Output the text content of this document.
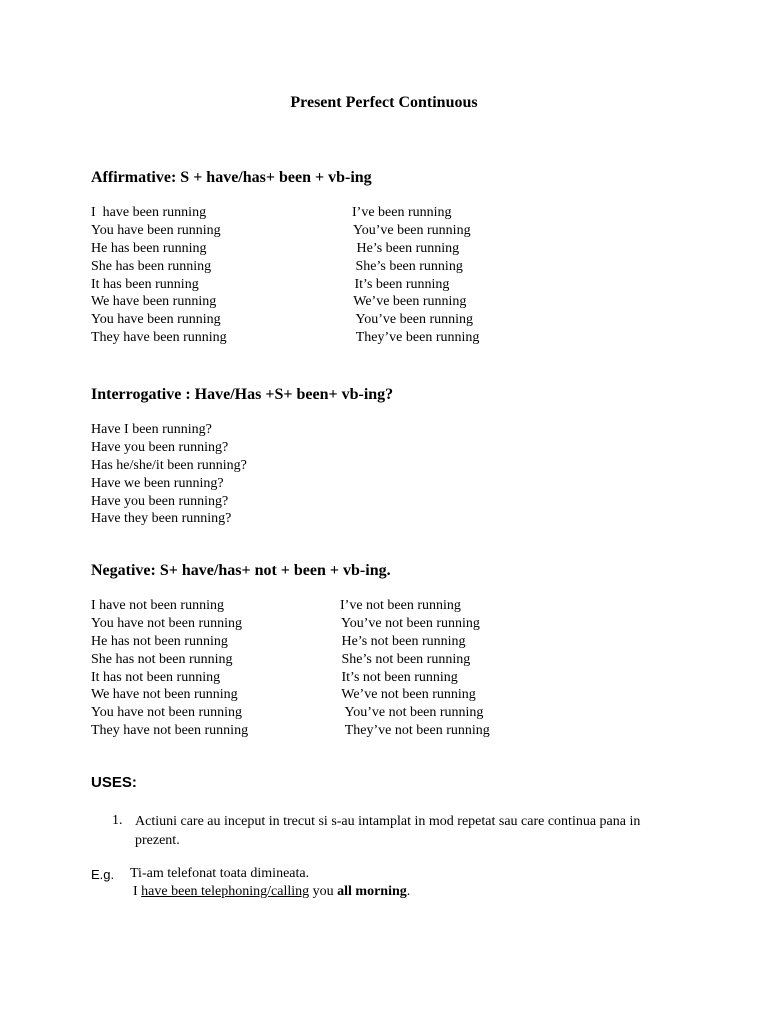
Present Perfect Continuous
Affirmative: S + have/has+ been + vb-ing
I  have been running	I’ve been running
You have been running	You’ve been running
He has been running	He’s been running
She has been running	She’s been running
It has been running	It’s been running
We have been running	We’ve been running
You have been running	You’ve been running
They have been running	They’ve been running
Interrogative : Have/Has +S+ been+ vb-ing?
Have I been running?
Have you been running?
Has he/she/it been running?
Have we been running?
Have you been running?
Have they been running?
Negative: S+ have/has+ not + been + vb-ing.
I have not been running	I’ve not been running
You have not been running	You’ve not been running
He has not been running	He’s not been running
She has not been running	She’s not been running
It has not been running	It’s not been running
We have not been running	We’ve not been running
You have not been running	You’ve not been running
They have not been running	They’ve not been running
USES:
1. Actiuni care au inceput in trecut si s-au intamplat in mod repetat sau care continua pana in prezent.
E.g. Ti-am telefonat toata dimineata.
I have been telephoning/calling you all morning.
